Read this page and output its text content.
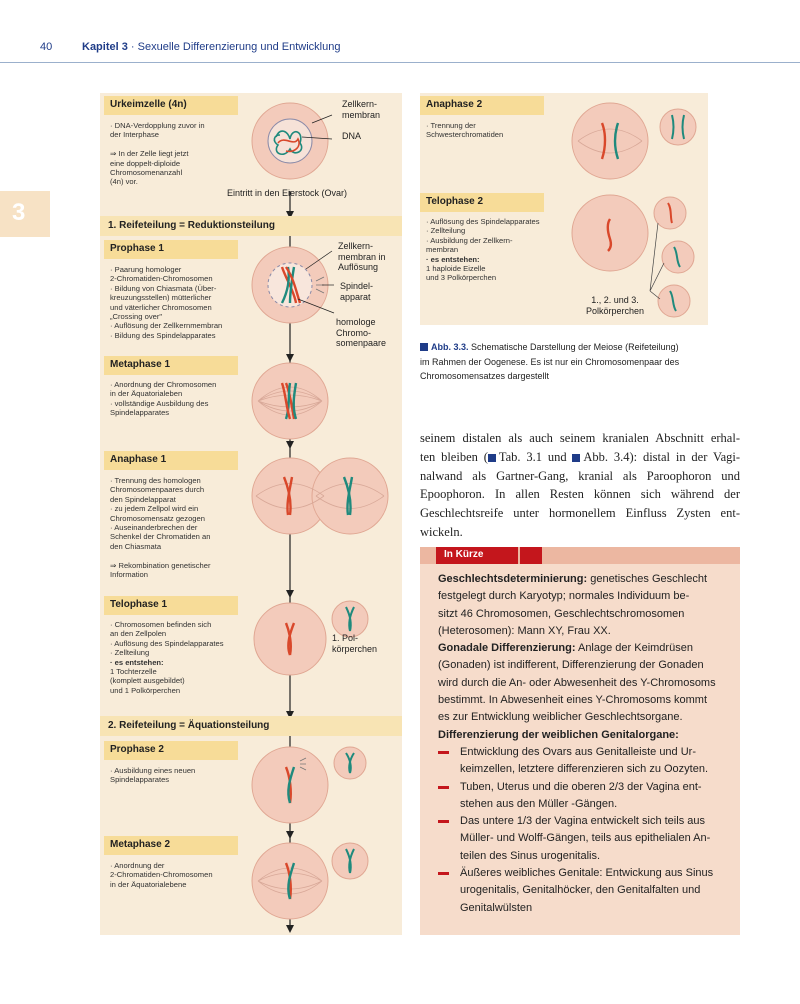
40	Kapitel 3 · Sexuelle Differenzierung und Entwicklung
3
Urkeimzelle (4n)
· DNA-Verdopplung zuvor in
der Interphase

⇒ In der Zelle liegt jetzt
eine doppelt-diploide
Chromosomenanzahl
(4n) vor.
Zellkern-
membran
DNA
Eintritt in den Eierstock (Ovar)
1. Reifeteilung = Reduktionsteilung
Prophase 1
· Paarung homologer
2-Chromatiden-Chromosomen
· Bildung von Chiasmata (Über-
kreuzungsstellen) mütterlicher
und väterlicher Chromosomen
„Crossing over"
· Auflösung der Zellkernmembran
· Bildung des Spindelapparates
Zellkern-
membran in
Auflösung
Spindel-
apparat
homologe
Chromo-
somenpaare
Metaphase 1
· Anordnung der Chromosomen
in der Äquatorialeben
· vollständige Ausbildung des
Spindelapparates
Anaphase 1
· Trennung des homologen
Chromosomenpaares durch
den Spindelapparat
· zu jedem Zellpol wird ein
Chromosomensatz gezogen
· Auseinanderbrechen der
Schenkel der Chromatiden an
den Chiasmata

⇒ Rekombination genetischer
Information
Telophase 1
· Chromosomen befinden sich
an den Zellpolen
· Auflösung des Spindelapparates
· Zellteilung
· es entstehen:
1 Tochterzelle
(komplett ausgebildet)
und 1 Polkörperchen
1. Pol-
körperchen
2. Reifeteilung = Äquationsteilung
Prophase 2
· Ausbildung eines neuen
Spindelapparates
Metaphase 2
· Anordnung der
2-Chromatiden-Chromosomen
in der Äquatorialebene
Anaphase 2
· Trennung der
Schwesterchromatiden
Telophase 2
· Auflösung des Spindelapparates
· Zellteilung
· Ausbildung der Zellkern-
membran
· es entstehen:
1 haploide Eizelle
und 3 Polkörperchen
1., 2. und 3.
Polkörperchen
Abb. 3.3. Schematische Darstellung der Meiose (Reifeteilung)
im Rahmen der Oogenese. Es ist nur ein Chromosomenpaar des
Chromosomensatzes dargestellt
seinem distalen als auch seinem kranialen Abschnitt erhal-
ten bleiben ( Tab. 3.1 und Abb. 3.4): distal in der Vagi-
nalwand als Gartner-Gang, kranial als Paroophoron und
Epoophoron. In allen Resten können sich während der
Geschlechtsreife unter hormonellem Einfluss Zysten ent-
wickeln.
In Kürze
Geschlechtsdeterminierung: genetisches Geschlecht
festgelegt durch Karyotyp; normales Individuum be-
sitzt 46 Chromosomen, Geschlechtschromosomen
(Heterosomen): Mann XY, Frau XX.
Gonadale Differenzierung: Anlage der Keimdrüsen
(Gonaden) ist indifferent, Differenzierung der Gonaden
wird durch die An- oder Abwesenheit des Y-Chromosoms
bestimmt. In Abwesenheit eines Y-Chromosoms kommt
es zur Entwicklung weiblicher Geschlechtsorgane.
Differenzierung der weiblichen Genitalorgane:
Entwicklung des Ovars aus Genitalleiste und Ur-
keimzellen, letztere differenzieren sich zu Oozyten.
Tuben, Uterus und die oberen 2/3 der Vagina ent-
stehen aus den Müller -Gängen.
Das untere 1/3 der Vagina entwickelt sich teils aus
Müller- und Wolff-Gängen, teils aus epithelialen An-
teilen des Sinus urogenitalis.
Äußeres weibliches Genitale: Entwickung aus Sinus
urogenitalis, Genitalhöcker, den Genitalfalten und
Genitalwülsten
